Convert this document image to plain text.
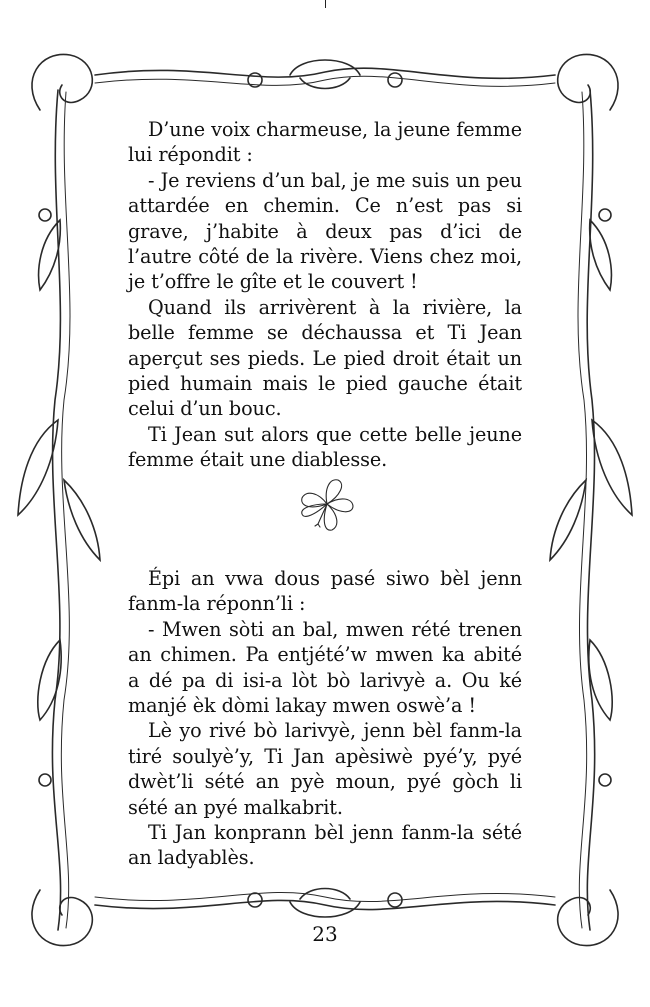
D’une voix charmeuse, la jeune femme lui répondit :

- Je reviens d’un bal, je me suis un peu attardée en chemin. Ce n’est pas si grave, j’habite à deux pas d’ici de l’autre côté de la rivère. Viens chez moi, je t’offre le gîte et le couvert !

Quand ils arrivèrent à la rivière, la belle femme se déchaussa et Ti Jean aperçut ses pieds. Le pied droit était un pied humain mais le pied gauche était celui d’un bouc.

Ti Jean sut alors que cette belle jeune femme était une diablesse.

Épi an vwa dous pasé siwo bèl jenn fanm-la réponn’li :

- Mwen sòti an bal, mwen rété trenen an chimen. Pa entjété’w mwen ka abité a dé pa di isi-a lòt bò larivyè a. Ou ké manjé èk dòmi lakay mwen oswè’a !

Lè yo rivé bò larivyè, jenn bèl fanm-la tiré soulyè’y, Ti Jan apèsiwè pyé’y, pyé dwèt’li sété an pyè moun, pyé gòch li sété an pyé malkabrit.

Ti Jan konprann bèl jenn fanm-la sété an ladyablès.

23
